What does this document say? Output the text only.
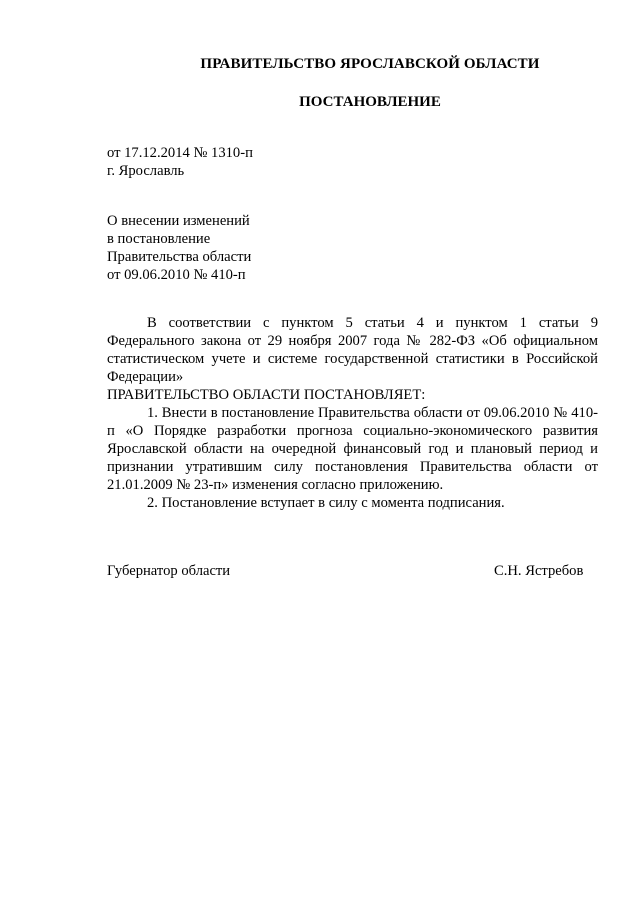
ПРАВИТЕЛЬСТВО ЯРОСЛАВСКОЙ ОБЛАСТИ
ПОСТАНОВЛЕНИЕ
от 17.12.2014 № 1310-п
г. Ярославль
О внесении изменений
в постановление
Правительства области
от 09.06.2010 № 410-п

В соответствии с пунктом 5 статьи 4 и пунктом 1 статьи 9 Федерального закона от 29 ноября 2007 года № 282-ФЗ «Об официальном статистическом учете и системе государственной статистики в Российской Федерации»

ПРАВИТЕЛЬСТВО ОБЛАСТИ ПОСТАНОВЛЯЕТ:

1. Внести в постановление Правительства области от 09.06.2010 № 410-п «О Порядке разработки прогноза социально-экономического развития Ярославской области на очередной финансовый год и плановый период и признании утратившим силу постановления Правительства области от 21.01.2009 № 23-п» изменения согласно приложению.

2. Постановление вступает в силу с момента подписания.

Губернатор области	С.Н. Ястребов
